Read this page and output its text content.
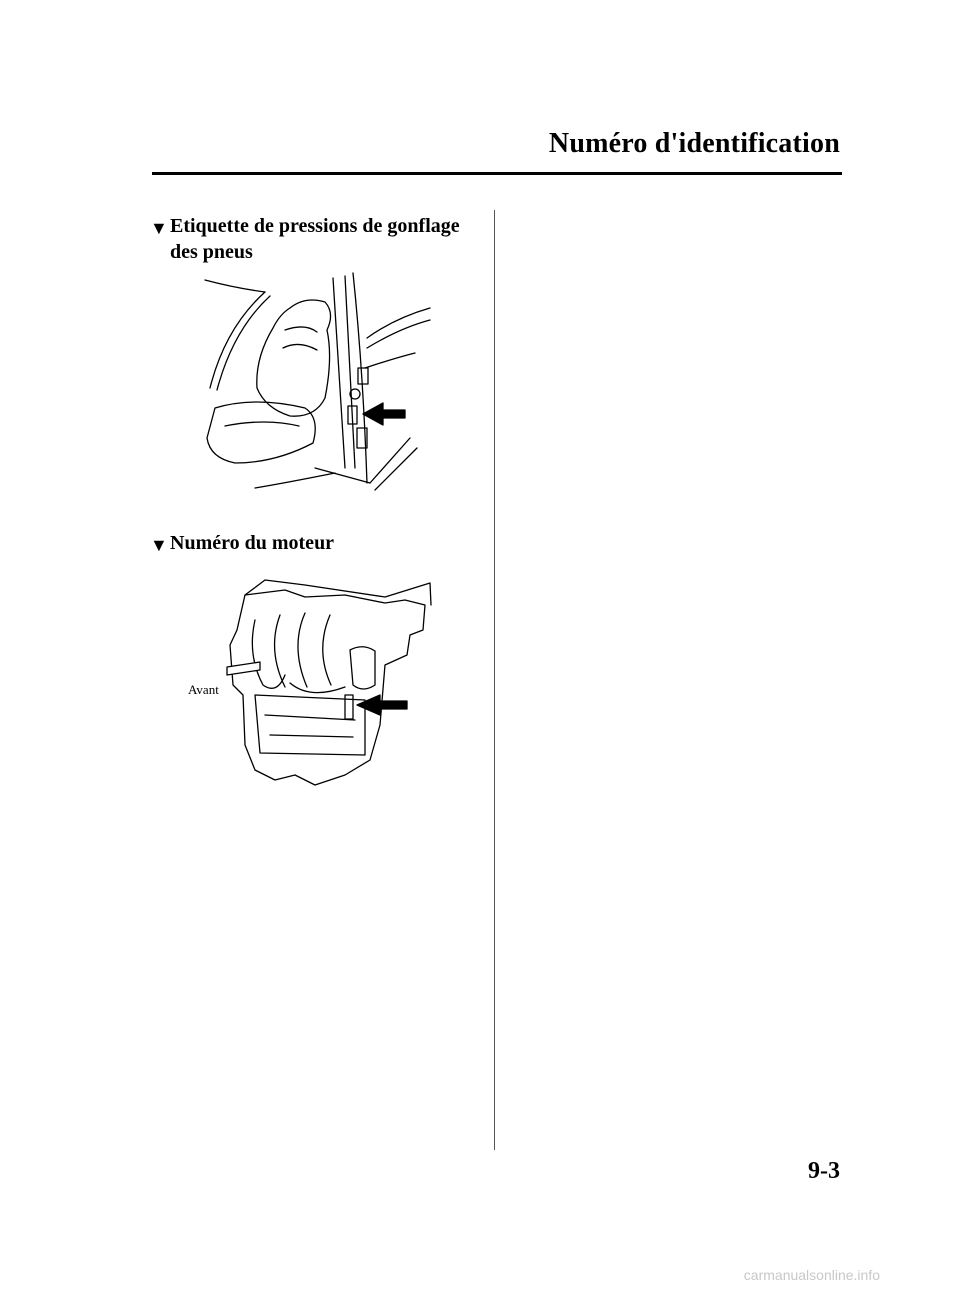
Numéro d'identification
▼ Etiquette de pressions de gonflage des pneus
▼ Numéro du moteur
Avant
9-3
carmanualsonline.info
